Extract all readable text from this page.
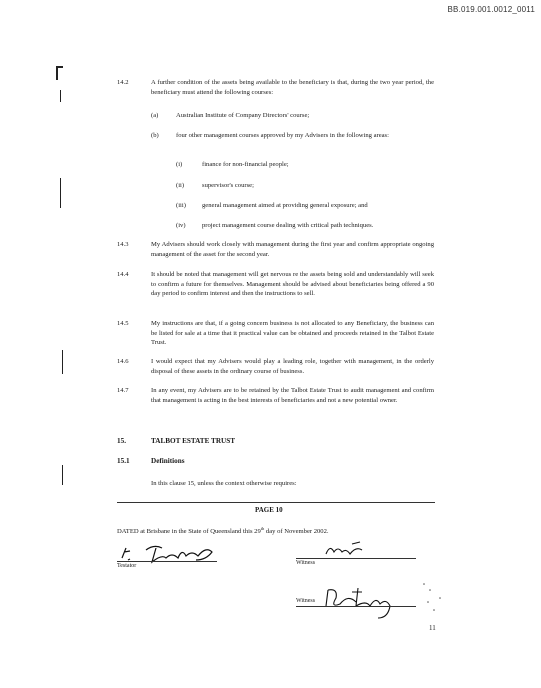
BB.019.001.0012_0011
14.2	A further condition of the assets being available to the beneficiary is that, during the two year period, the beneficiary must attend the following courses:
(a)	Australian Institute of Company Directors' course;
(b)	four other management courses approved by my Advisers in the following areas:
(i)	finance for non-financial people;
(ii)	supervisor's course;
(iii) general management aimed at providing general exposure; and
(iv) project management course dealing with critical path techniques.
14.3	My Advisers should work closely with management during the first year and confirm appropriate ongoing management of the asset for the second year.
14.4	It should be noted that management will get nervous re the assets being sold and understandably will seek to confirm a future for themselves. Management should be advised about beneficiaries being offered a 90 day period to confirm interest and then the instructions to sell.
14.5	My instructions are that, if a going concern business is not allocated to any Beneficiary, the business can be listed for sale at a time that it practical value can be obtained and proceeds retained in the Talbot Estate Trust.
14.6	I would expect that my Advisers would play a leading role, together with management, in the orderly disposal of these assets in the ordinary course of business.
14.7	In any event, my Advisers are to be retained by the Talbot Estate Trust to audit management and confirm that management is acting in the best interests of beneficiaries and not a new potential owner.
15.	TALBOT ESTATE TRUST
15.1	Definitions
In this clause 15, unless the context otherwise requires:
PAGE 10
DATED at Brisbane in the State of Queensland this 29th day of November 2002.
Testator	Witness
Witness
11
